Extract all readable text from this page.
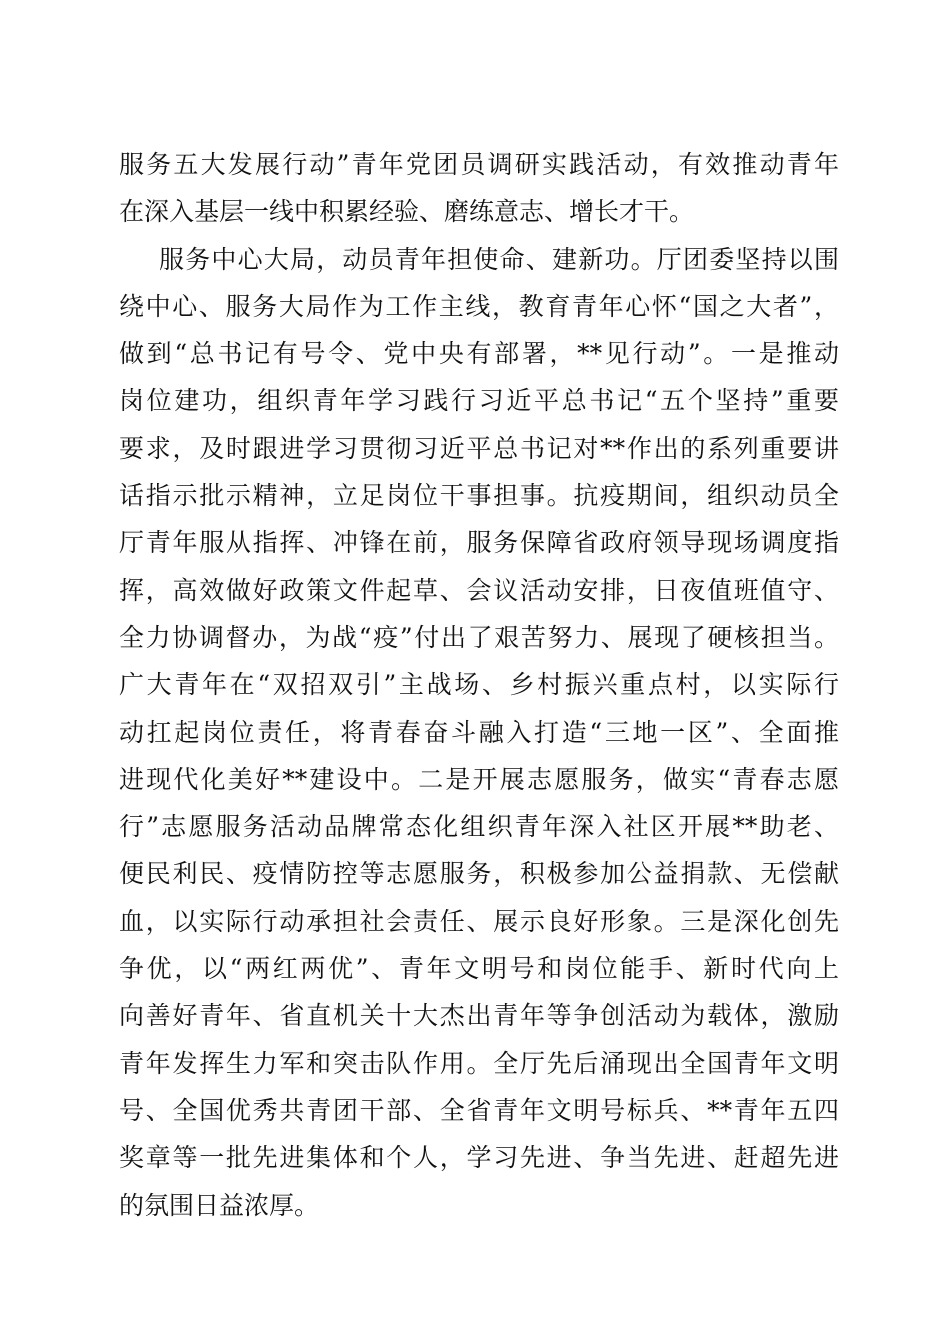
服务五大发展行动”青年党团员调研实践活动，有效推动青年
在深入基层一线中积累经验、磨练意志、增长才干。
服务中心大局，动员青年担使命、建新功。厅团委坚持以围
绕中心、服务大局作为工作主线，教育青年心怀“国之大者”，
做到“总书记有号令、党中央有部署，**见行动”。一是推动
岗位建功，组织青年学习践行习近平总书记“五个坚持”重要
要求，及时跟进学习贯彻习近平总书记对**作出的系列重要讲
话指示批示精神，立足岗位干事担事。抗疫期间，组织动员全
厅青年服从指挥、冲锋在前，服务保障省政府领导现场调度指
挥，高效做好政策文件起草、会议活动安排，日夜值班值守、
全力协调督办，为战“疫”付出了艰苦努力、展现了硬核担当。
广大青年在“双招双引”主战场、乡村振兴重点村，以实际行
动扛起岗位责任，将青春奋斗融入打造“三地一区”、全面推
进现代化美好**建设中。二是开展志愿服务，做实“青春志愿
行”志愿服务活动品牌常态化组织青年深入社区开展**助老、
便民利民、疫情防控等志愿服务，积极参加公益捐款、无偿献
血，以实际行动承担社会责任、展示良好形象。三是深化创先
争优，以“两红两优”、青年文明号和岗位能手、新时代向上
向善好青年、省直机关十大杰出青年等争创活动为载体，激励
青年发挥生力军和突击队作用。全厅先后涌现出全国青年文明
号、全国优秀共青团干部、全省青年文明号标兵、**青年五四
奖章等一批先进集体和个人，学习先进、争当先进、赶超先进
的氛围日益浓厚。
